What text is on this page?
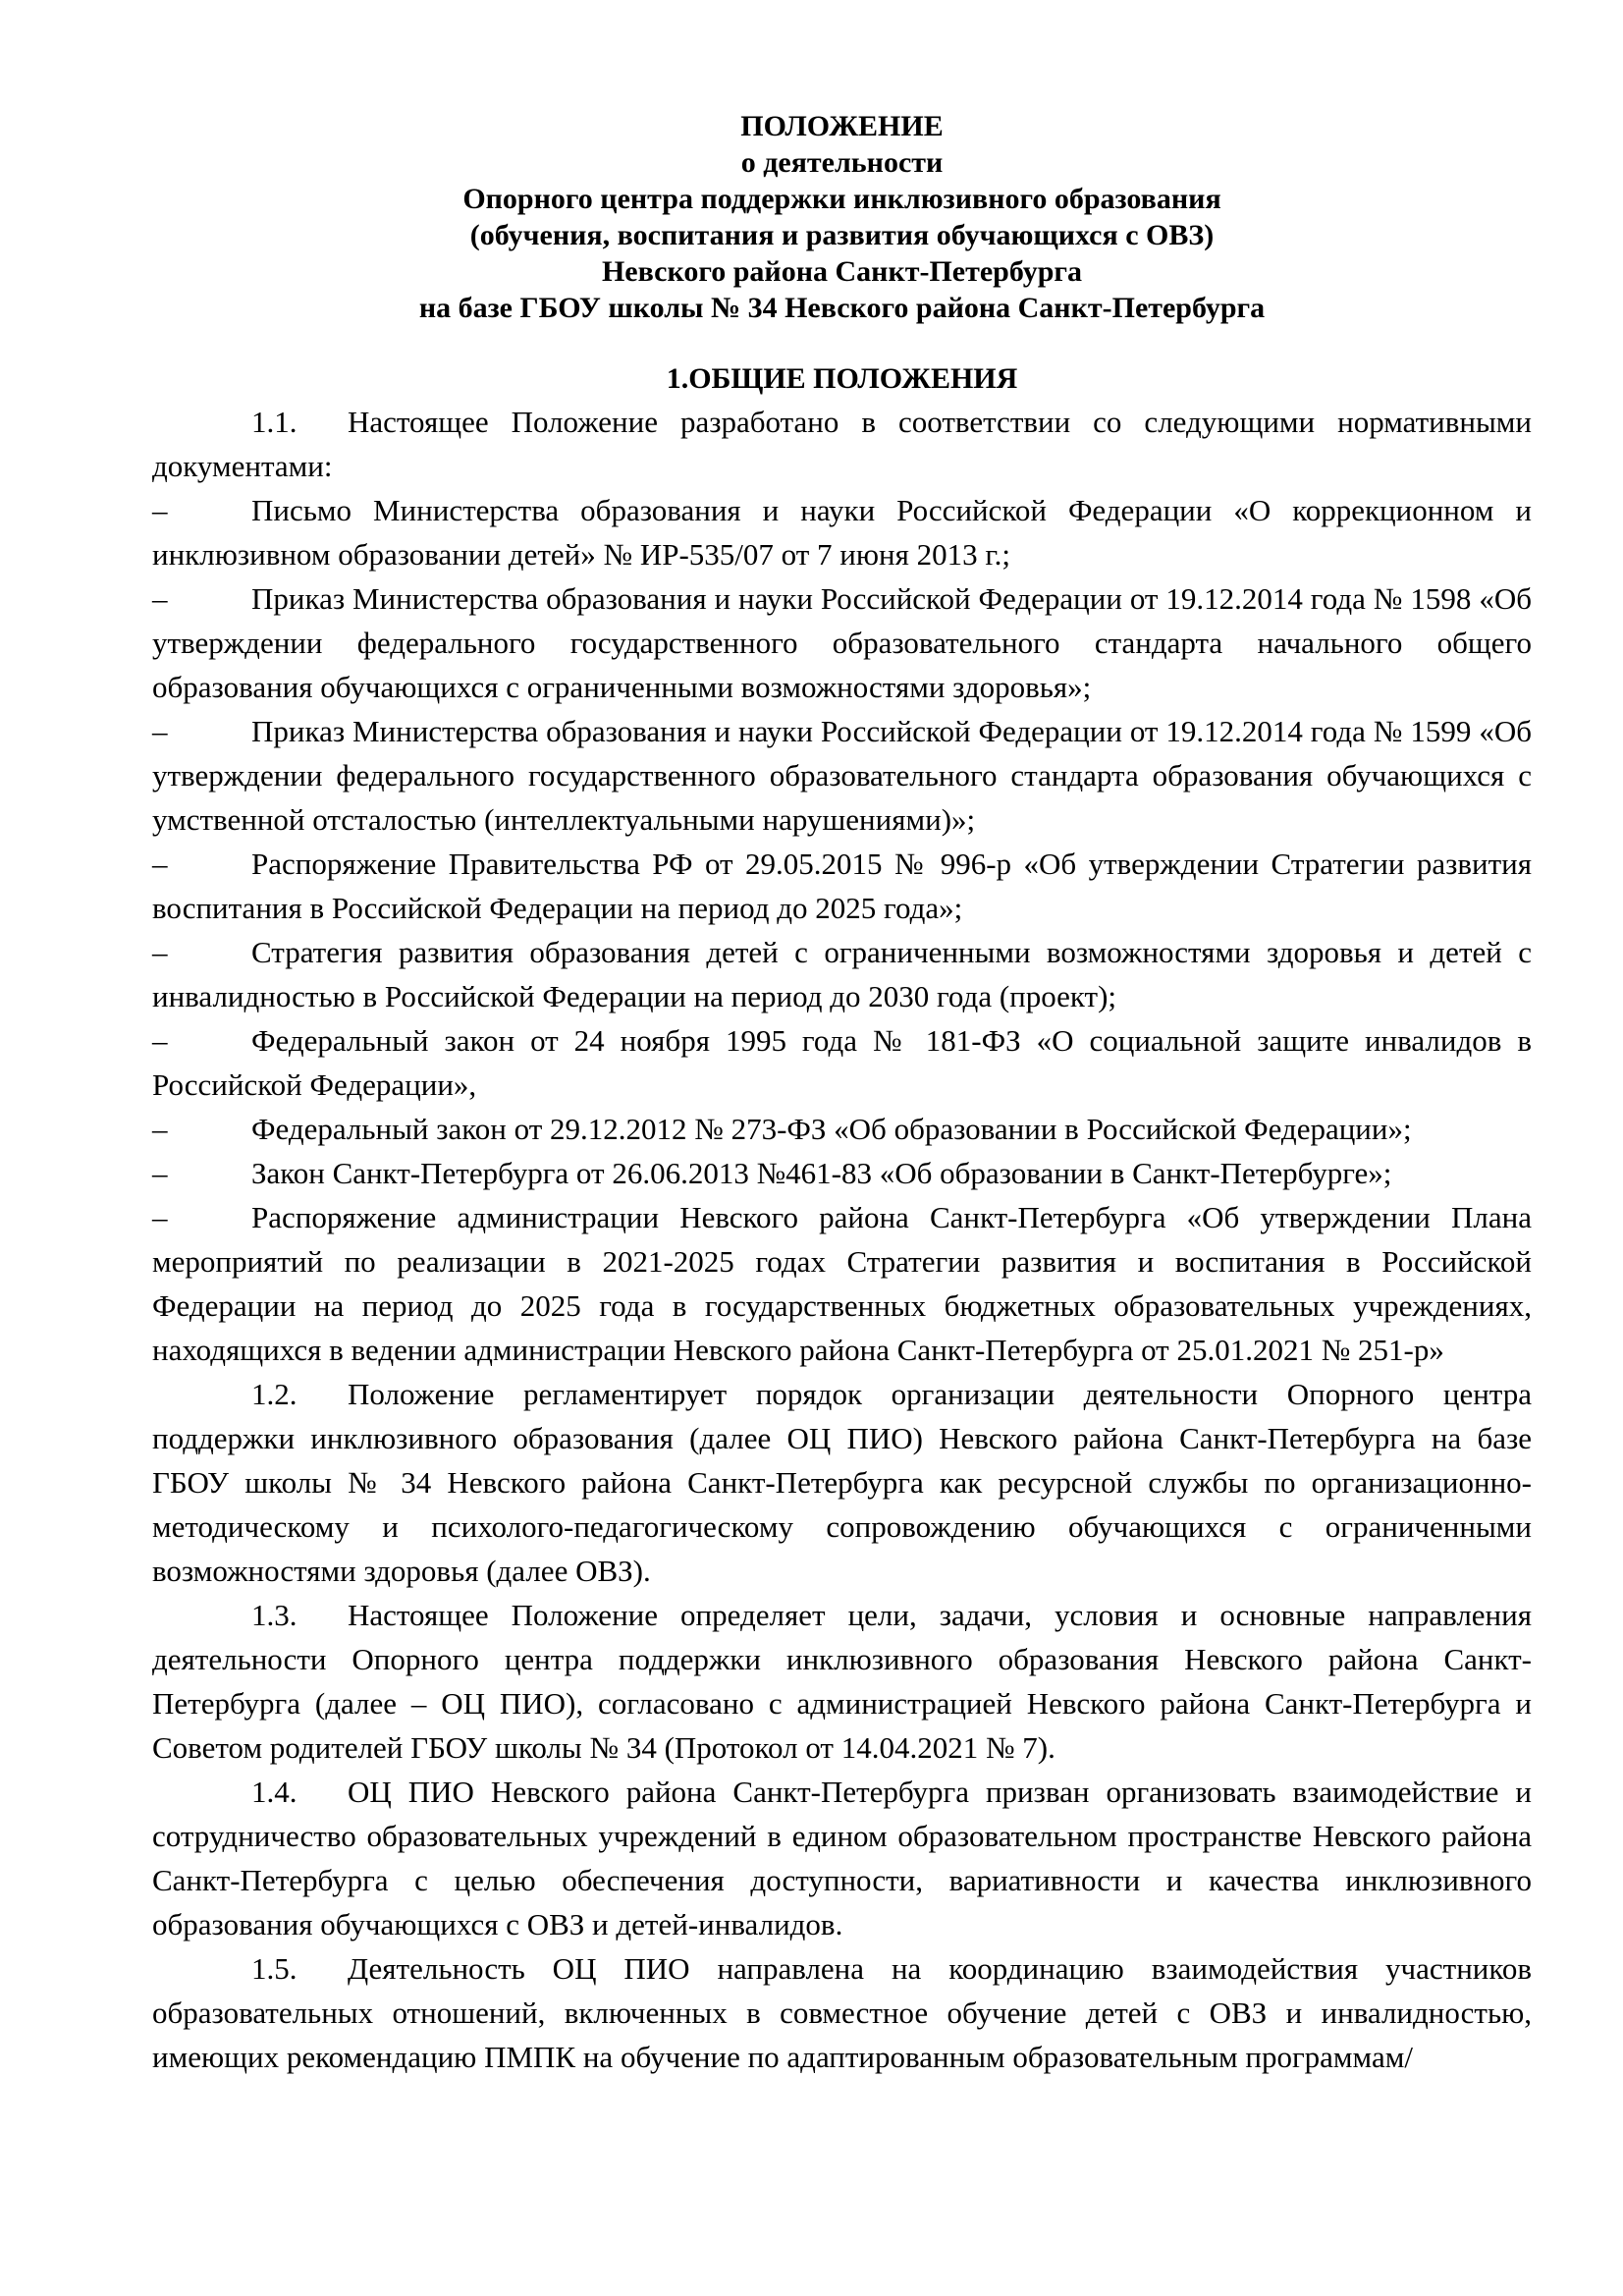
ПОЛОЖЕНИЕ
о деятельности
Опорного центра поддержки инклюзивного образования
(обучения, воспитания и развития обучающихся с ОВЗ)
Невского района Санкт-Петербурга
на базе ГБОУ школы № 34 Невского района Санкт-Петербурга
1.ОБЩИЕ ПОЛОЖЕНИЯ

1.1. Настоящее Положение разработано в соответствии со следующими нормативными документами:

–	Письмо Министерства образования и науки Российской Федерации «О коррекционном и инклюзивном образовании детей» № ИР-535/07 от 7 июня 2013 г.;

–	Приказ Министерства образования и науки Российской Федерации от 19.12.2014 года № 1598 «Об утверждении федерального государственного образовательного стандарта начального общего образования обучающихся с ограниченными возможностями здоровья»;

–	Приказ Министерства образования и науки Российской Федерации от 19.12.2014 года № 1599 «Об утверждении федерального государственного образовательного стандарта образования обучающихся с умственной отсталостью (интеллектуальными нарушениями)»;

–	Распоряжение Правительства РФ от 29.05.2015 № 996-р «Об утверждении Стратегии развития воспитания в Российской Федерации на период до 2025 года»;

–	Стратегия развития образования детей с ограниченными возможностями здоровья и детей с инвалидностью в Российской Федерации на период до 2030 года (проект);

–	Федеральный закон от 24 ноября 1995 года № 181-ФЗ «О социальной защите инвалидов в Российской Федерации»,

–	Федеральный закон от 29.12.2012 № 273-ФЗ «Об образовании в Российской Федерации»;

–	Закон Санкт-Петербурга от 26.06.2013 №461-83 «Об образовании в Санкт-Петербурге»;

–	Распоряжение администрации Невского района Санкт-Петербурга «Об утверждении Плана мероприятий по реализации в 2021-2025 годах Стратегии развития и воспитания в Российской Федерации на период до 2025 года в государственных бюджетных образовательных учреждениях, находящихся в ведении администрации Невского района Санкт-Петербурга от 25.01.2021 № 251-р»

1.2. Положение регламентирует порядок организации деятельности Опорного центра поддержки инклюзивного образования (далее ОЦ ПИО) Невского района Санкт-Петербурга на базе ГБОУ школы № 34 Невского района Санкт-Петербурга как ресурсной службы по организационно-методическому и психолого-педагогическому сопровождению обучающихся с ограниченными возможностями здоровья (далее ОВЗ).

1.3. Настоящее Положение определяет цели, задачи, условия и основные направления деятельности Опорного центра поддержки инклюзивного образования Невского района Санкт-Петербурга (далее – ОЦ ПИО), согласовано с администрацией Невского района Санкт-Петербурга и Советом родителей ГБОУ школы № 34 (Протокол от 14.04.2021 № 7).

1.4. ОЦ ПИО Невского района Санкт-Петербурга призван организовать взаимодействие и сотрудничество образовательных учреждений в едином образовательном пространстве Невского района Санкт-Петербурга с целью обеспечения доступности, вариативности и качества инклюзивного образования обучающихся с ОВЗ и детей-инвалидов.

1.5. Деятельность ОЦ ПИО направлена на координацию взаимодействия участников образовательных отношений, включенных в совместное обучение детей с ОВЗ и инвалидностью, имеющих рекомендацию ПМПК на обучение по адаптированным образовательным программам/
